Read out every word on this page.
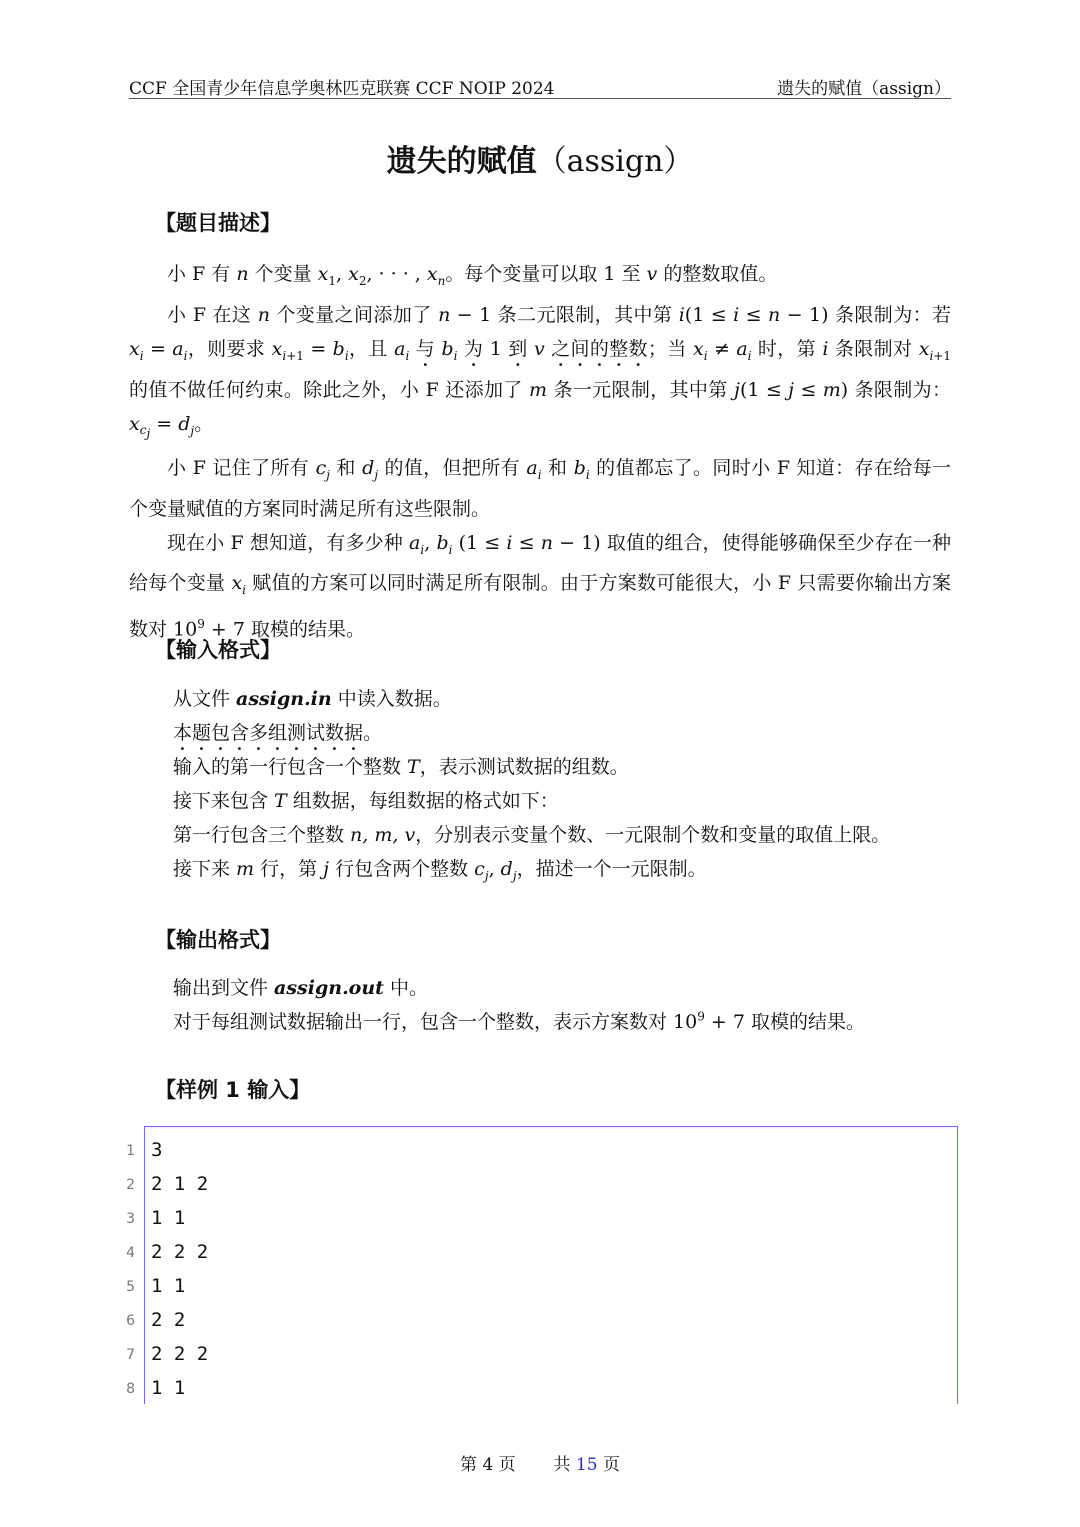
CCF 全国青少年信息学奥林匹克联赛 CCF NOIP 2024	遗失的赋值（assign）
遗失的赋值（assign）
【题目描述】

小 F 有 n 个变量 $x_1$, $x_2$, · · · , $x_n$。每个变量可以取 1 至 v 的整数取值。

小 F 在这 n 个变量之间添加了 n − 1 条二元限制，其中第 i(1 ≤ i ≤ n − 1) 条限制为：若 $x_i = a_i$，则要求 $x_{i+1} = b_i$，且 $a_i$ 与 $b_i$ 为 1 到 v 之间的整数；当 $x_i \ne a_i$ 时，第 i 条限制对 $x_{i+1}$ 的值不做任何约束。除此之外，小 F 还添加了 m 条一元限制，其中第 j(1 ≤ j ≤ m) 条限制为：$x_{c_j} = d_j$。

小 F 记住了所有 $c_j$ 和 $d_j$ 的值，但把所有 $a_i$ 和 $b_i$ 的值都忘了。同时小 F 知道：存在给每一个变量赋值的方案同时满足所有这些限制。

现在小 F 想知道，有多少种 $a_i$, $b_i$ (1 ≤ i ≤ n − 1) 取值的组合，使得能够确保至少存在一种给每个变量 $x_i$ 赋值的方案可以同时满足所有限制。由于方案数可能很大，小 F 只需要你输出方案数对 $10^9 + 7$ 取模的结果。

【输入格式】
从文件 assign.in 中读入数据。
本题包含多组测试数据。
输入的第一行包含一个整数 T，表示测试数据的组数。
接下来包含 T 组数据，每组数据的格式如下：
第一行包含三个整数 n, m, v，分别表示变量个数、一元限制个数和变量的取值上限。
接下来 m 行，第 j 行包含两个整数 $c_j$, $d_j$，描述一个一元限制。
【输出格式】
输出到文件 assign.out 中。
对于每组测试数据输出一行，包含一个整数，表示方案数对 $10^9 + 7$ 取模的结果。
【样例 1 输入】
1 3
2 2 1 2
3 1 1
4 2 2 2
5 1 1
6 2 2
7 2 2 2
8 1 1
第 4 页 共 15 页
